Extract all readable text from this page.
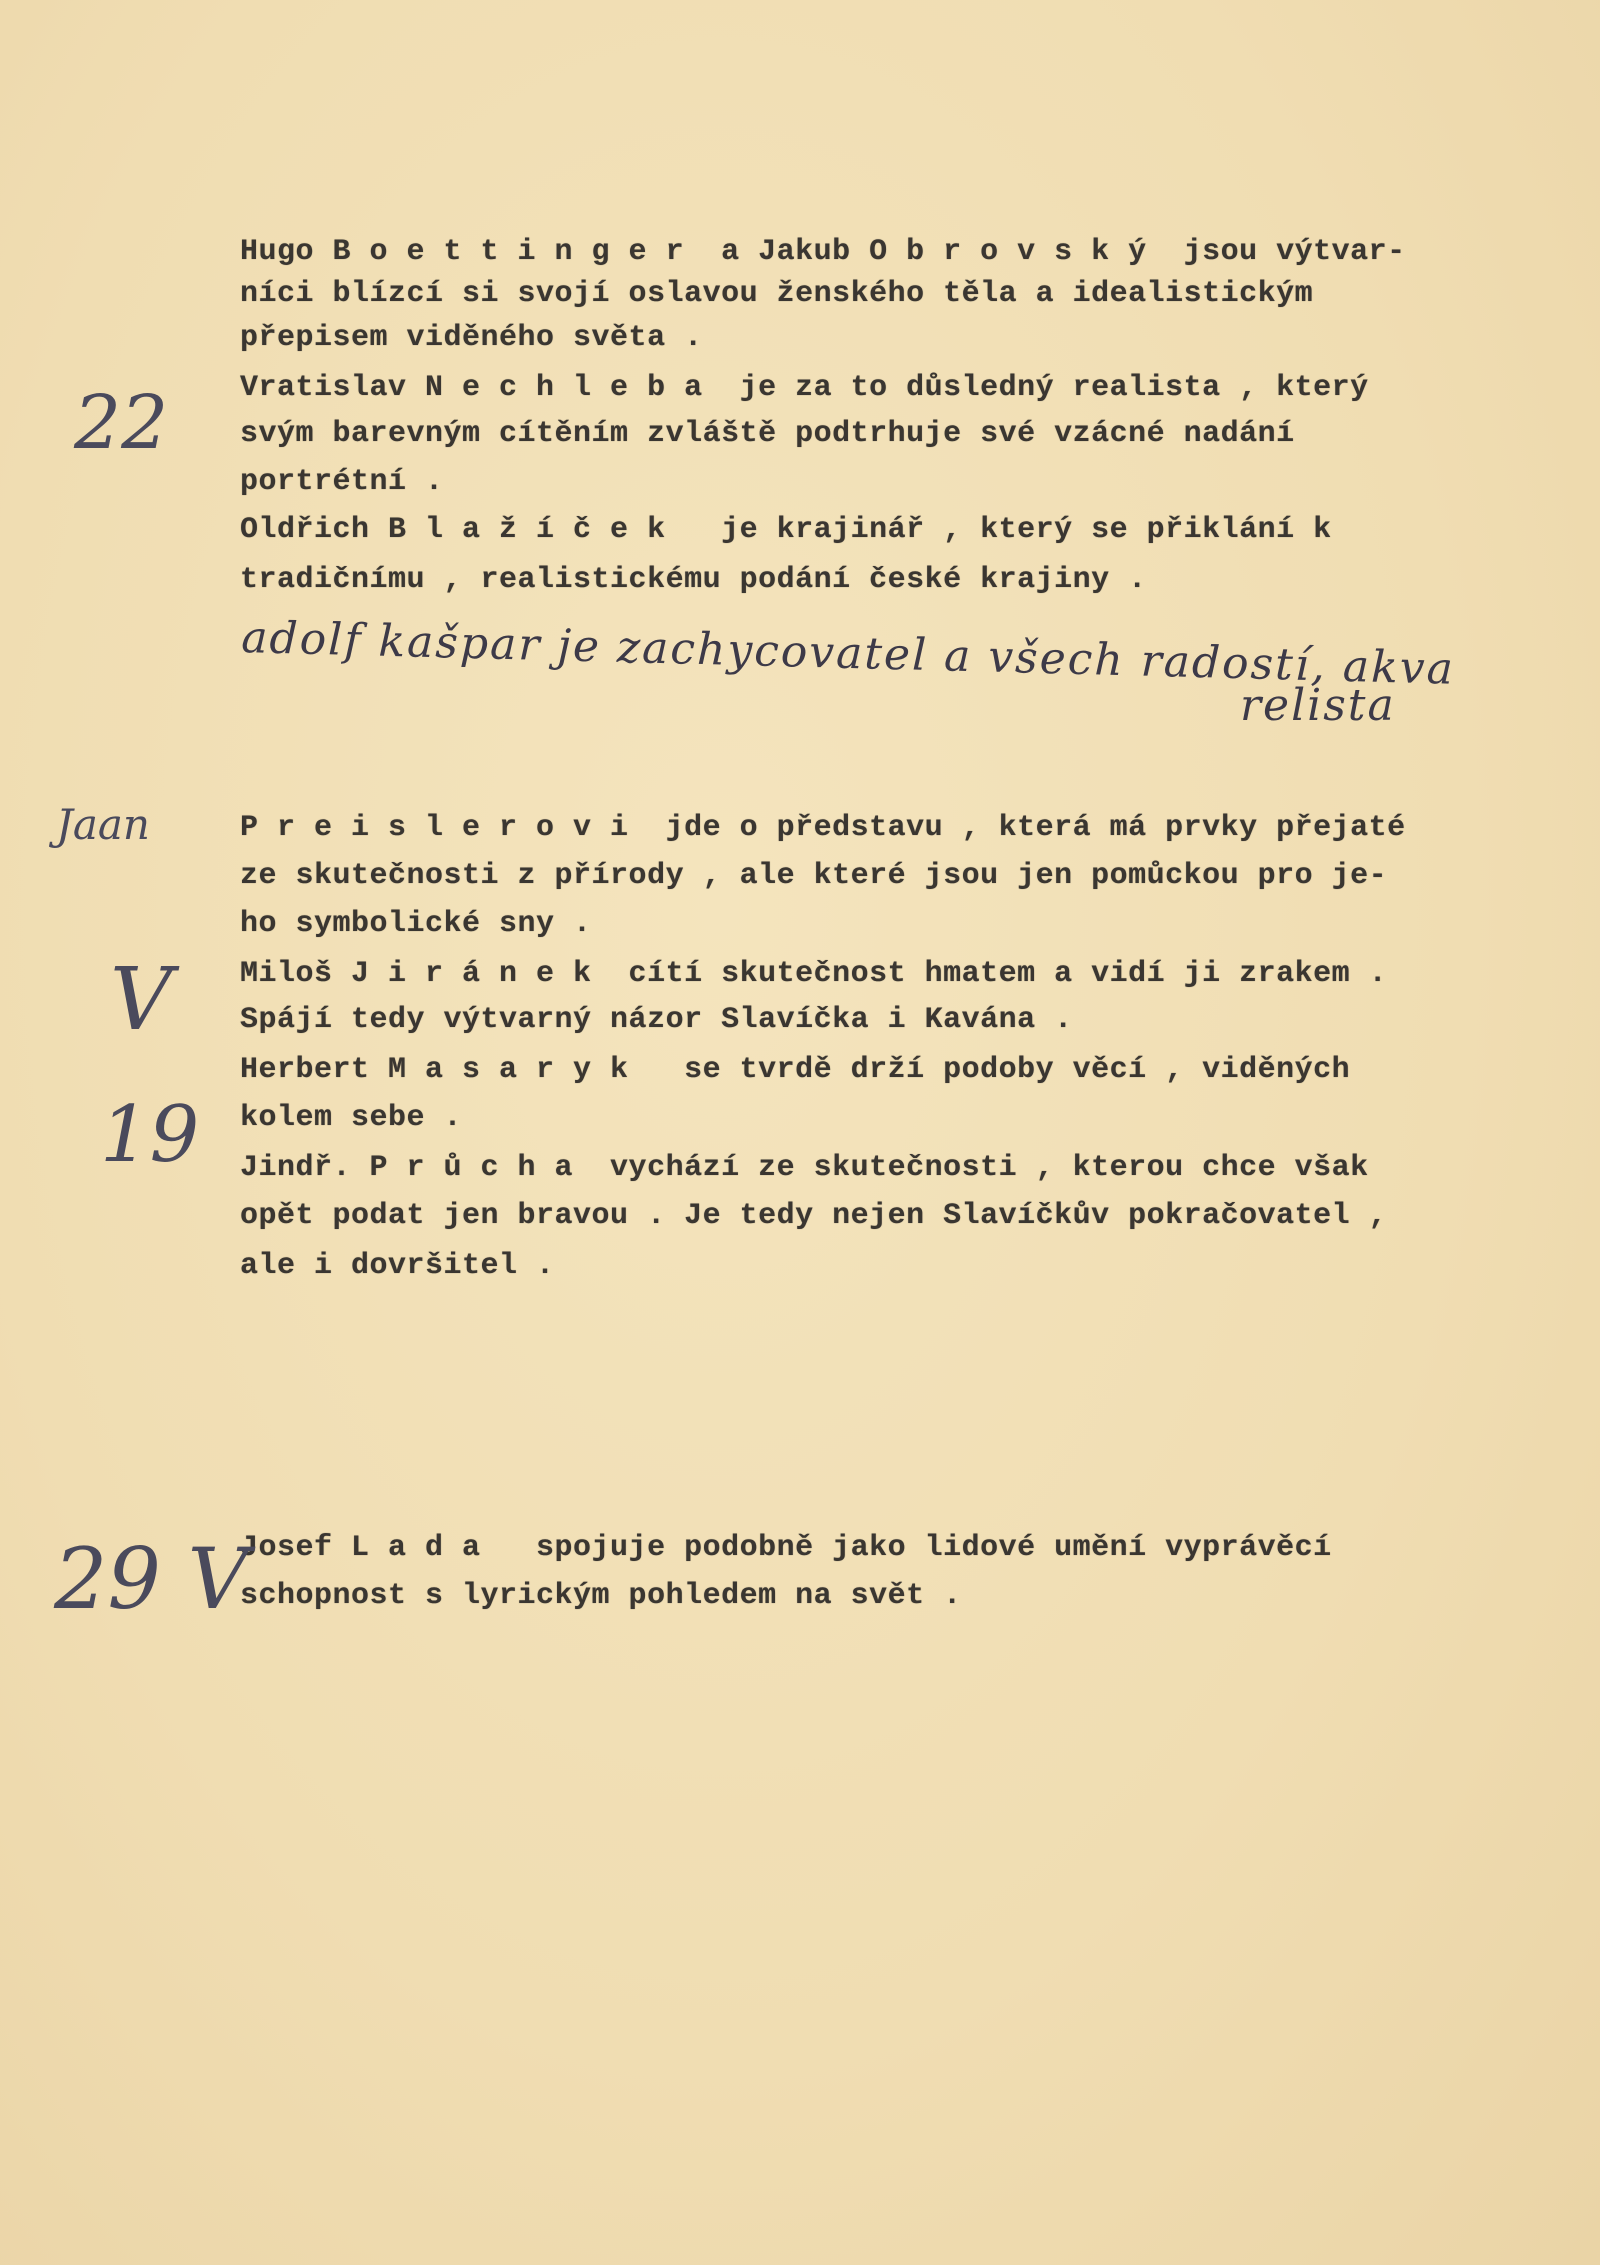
Hugo B o e t t i n g e r  a Jakub O b r o v s k ý  jsou výtvar-
níci blízcí si svojí oslavou ženského těla a idealistickým
přepisem viděného světa .
Vratislav N e c h l e b a  je za to důsledný realista , který
svým barevným cítěním zvláště podtrhuje své vzácné nadání
portrétní .
Oldřich B l a ž í č e k   je krajinář , který se přiklání k
tradičnímu , realistickému podání české krajiny .
P r e i s l e r o v i  jde o představu , která má prvky přejaté
ze skutečnosti z přírody , ale které jsou jen pomůckou pro je-
ho symbolické sny .
Miloš J i r á n e k  cítí skutečnost hmatem a vidí ji zrakem .
Spájí tedy výtvarný názor Slavíčka i Kavána .
Herbert M a s a r y k   se tvrdě drží podoby věcí , viděných
kolem sebe .
Jindř. P r ů c h a  vychází ze skutečnosti , kterou chce však
opět podat jen bravou . Je tedy nejen Slavíčkův pokračovatel ,
ale i dovršitel .
Josef L a d a   spojuje podobně jako lidové umění vyprávěcí
schopnost s lyrickým pohledem na svět .
adolf kašpar je zachycovatel a všech radostí, akva
relista
22
Jaan
V
19
29 V
